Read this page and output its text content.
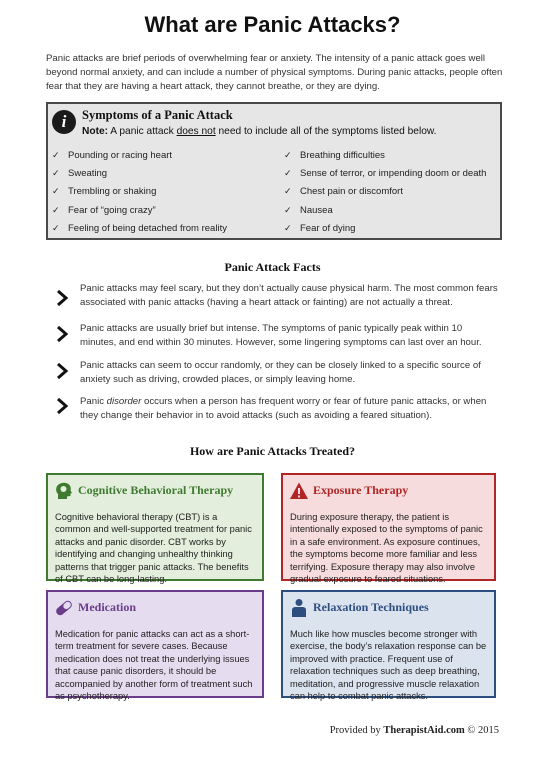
What are Panic Attacks?
Panic attacks are brief periods of overwhelming fear or anxiety. The intensity of a panic attack goes well beyond normal anxiety, and can include a number of physical symptoms. During panic attacks, people often fear that they are having a heart attack, they cannot breathe, or they are dying.
i	Symptoms of a Panic Attack
Note: A panic attack does not need to include all of the symptoms listed below.
✓ Pounding or racing heart
✓ Sweating
✓ Trembling or shaking
✓ Fear of “going crazy”
✓ Feeling of being detached from reality
✓ Breathing difficulties
✓ Sense of terror, or impending doom or death
✓ Chest pain or discomfort
✓ Nausea
✓ Fear of dying
Panic Attack Facts
Panic attacks may feel scary, but they don’t actually cause physical harm. The most common fears associated with panic attacks (having a heart attack or fainting) are not actually a threat.
Panic attacks are usually brief but intense. The symptoms of panic typically peak within 10 minutes, and end within 30 minutes. However, some lingering symptoms can last over an hour.
Panic attacks can seem to occur randomly, or they can be closely linked to a specific source of anxiety such as driving, crowded places, or simply leaving home.
Panic disorder occurs when a person has frequent worry or fear of future panic attacks, or when they change their behavior in to avoid attacks (such as avoiding a feared situation).
How are Panic Attacks Treated?
Cognitive Behavioral Therapy
Cognitive behavioral therapy (CBT) is a common and well-supported treatment for panic attacks and panic disorder. CBT works by identifying and changing unhealthy thinking patterns that trigger panic attacks. The benefits of CBT can be long-lasting.
Exposure Therapy
During exposure therapy, the patient is intentionally exposed to the symptoms of panic in a safe environment. As exposure continues, the symptoms become more familiar and less terrifying. Exposure therapy may also involve gradual exposure to feared situations.
Medication
Medication for panic attacks can act as a short-term treatment for severe cases. Because medication does not treat the underlying issues that cause panic disorders, it should be accompanied by another form of treatment such as psychotherapy.
Relaxation Techniques
Much like how muscles become stronger with exercise, the body’s relaxation response can be improved with practice. Frequent use of relaxation techniques such as deep breathing, meditation, and progressive muscle relaxation can help to combat panic attacks.
Provided by TherapistAid.com © 2015
